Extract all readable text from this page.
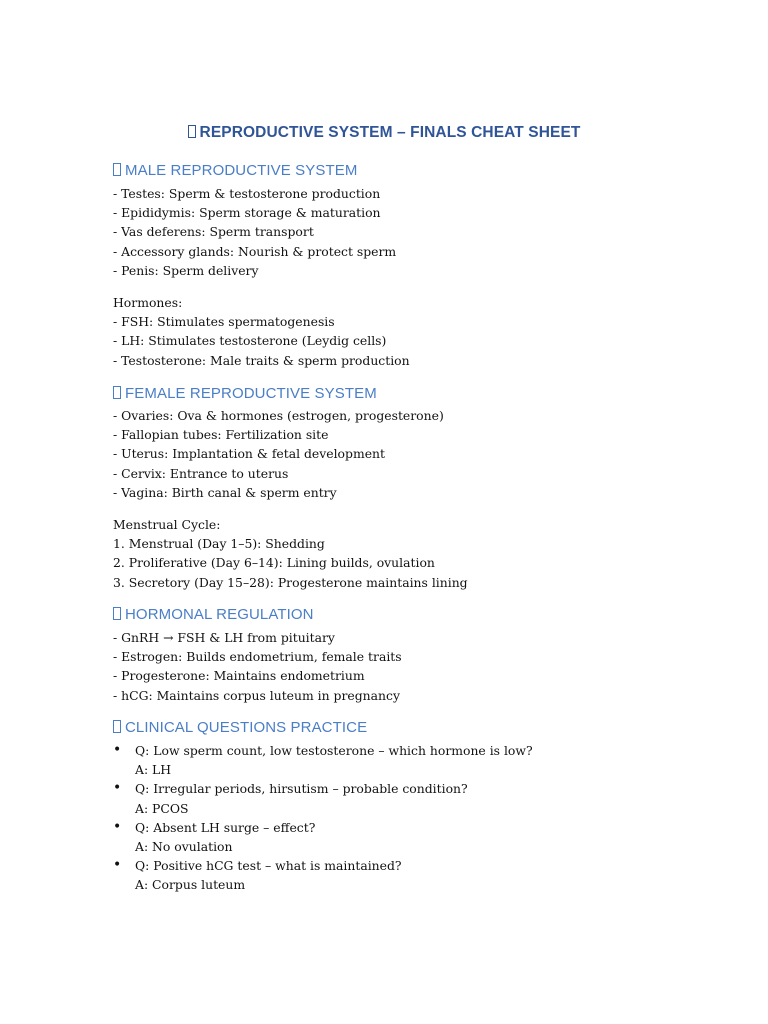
REPRODUCTIVE SYSTEM – FINALS CHEAT SHEET
MALE REPRODUCTIVE SYSTEM
- Testes: Sperm & testosterone production
- Epididymis: Sperm storage & maturation
- Vas deferens: Sperm transport
- Accessory glands: Nourish & protect sperm
- Penis: Sperm delivery
Hormones:
- FSH: Stimulates spermatogenesis
- LH: Stimulates testosterone (Leydig cells)
- Testosterone: Male traits & sperm production
FEMALE REPRODUCTIVE SYSTEM
- Ovaries: Ova & hormones (estrogen, progesterone)
- Fallopian tubes: Fertilization site
- Uterus: Implantation & fetal development
- Cervix: Entrance to uterus
- Vagina: Birth canal & sperm entry
Menstrual Cycle:
1. Menstrual (Day 1–5): Shedding
2. Proliferative (Day 6–14): Lining builds, ovulation
3. Secretory (Day 15–28): Progesterone maintains lining
HORMONAL REGULATION
- GnRH → FSH & LH from pituitary
- Estrogen: Builds endometrium, female traits
- Progesterone: Maintains endometrium
- hCG: Maintains corpus luteum in pregnancy
CLINICAL QUESTIONS PRACTICE
• Q: Low sperm count, low testosterone – which hormone is low?
A: LH
• Q: Irregular periods, hirsutism – probable condition?
A: PCOS
• Q: Absent LH surge – effect?
A: No ovulation
• Q: Positive hCG test – what is maintained?
A: Corpus luteum
